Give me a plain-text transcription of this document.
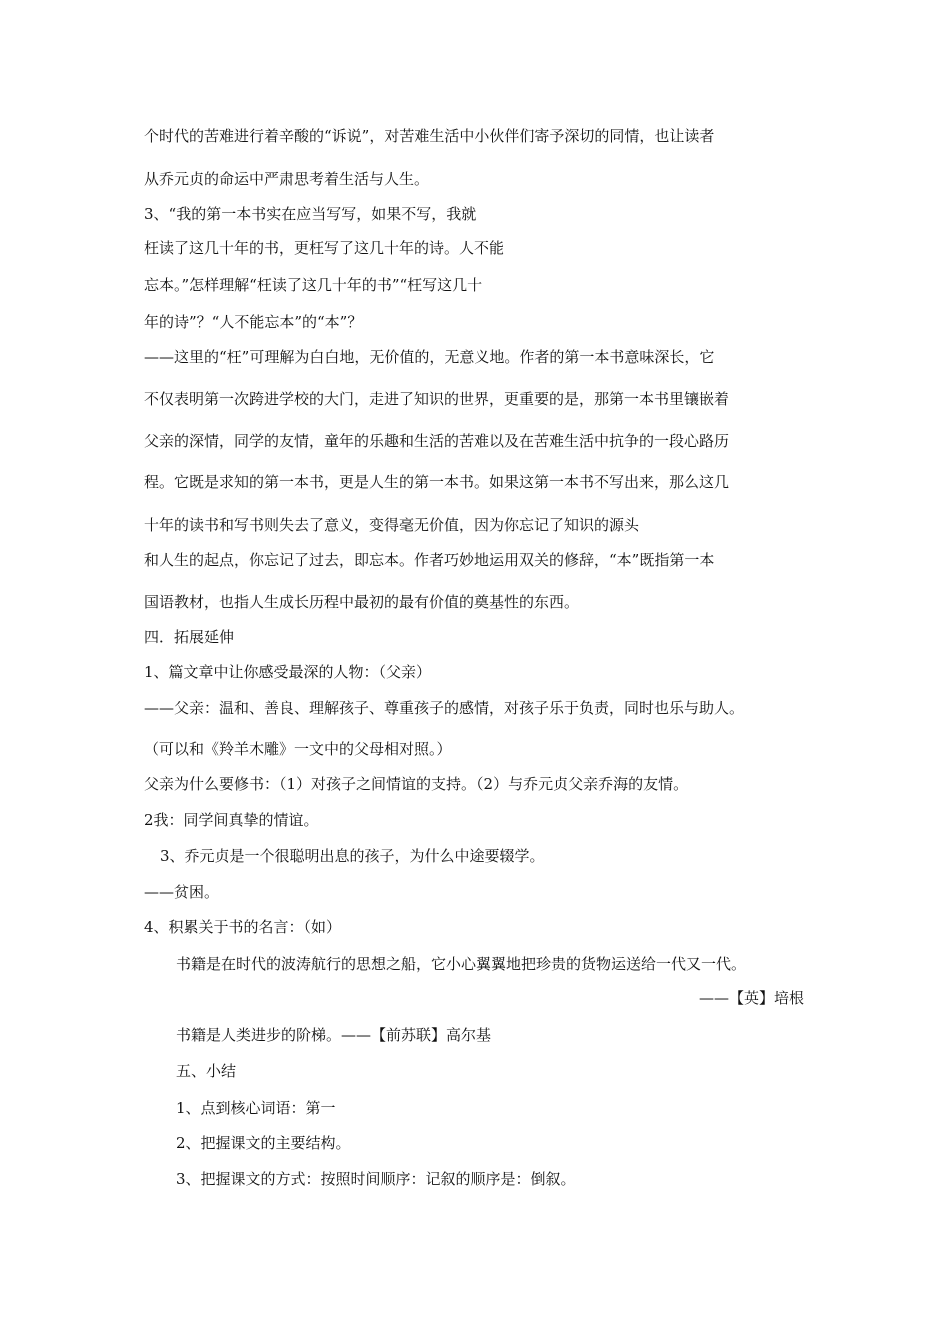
个时代的苦难进行着辛酸的“诉说”，对苦难生活中小伙伴们寄予深切的同情，也让读者
从乔元贞的命运中严肃思考着生活与人生。
3、“我的第一本书实在应当写写，如果不写，我就
枉读了这几十年的书，更枉写了这几十年的诗。人不能
忘本。”怎样理解“枉读了这几十年的书”“枉写这几十
年的诗”？“人不能忘本”的“本”？
——这里的“枉”可理解为白白地，无价值的，无意义地。作者的第一本书意味深长，它
不仅表明第一次跨进学校的大门，走进了知识的世界，更重要的是，那第一本书里镶嵌着
父亲的深情，同学的友情，童年的乐趣和生活的苦难以及在苦难生活中抗争的一段心路历
程。它既是求知的第一本书，更是人生的第一本书。如果这第一本书不写出来，那么这几
十年的读书和写书则失去了意义，变得毫无价值，因为你忘记了知识的源头
和人生的起点，你忘记了过去，即忘本。作者巧妙地运用双关的修辞，“本”既指第一本
国语教材，也指人生成长历程中最初的最有价值的奠基性的东西。
四．拓展延伸
1、篇文章中让你感受最深的人物：（父亲）
——父亲：温和、善良、理解孩子、尊重孩子的感情，对孩子乐于负责，同时也乐与助人。
（可以和《羚羊木雕》一文中的父母相对照。）
父亲为什么要修书：（1）对孩子之间情谊的支持。（2）与乔元贞父亲乔海的友情。
2我：同学间真挚的情谊。
3、乔元贞是一个很聪明出息的孩子，为什么中途要辍学。
——贫困。
4、积累关于书的名言：（如）
书籍是在时代的波涛航行的思想之船，它小心翼翼地把珍贵的货物运送给一代又一代。
——【英】培根
书籍是人类进步的阶梯。——【前苏联】高尔基
五、小结
1、点到核心词语：第一
2、把握课文的主要结构。
3、把握课文的方式：按照时间顺序：记叙的顺序是：倒叙。
